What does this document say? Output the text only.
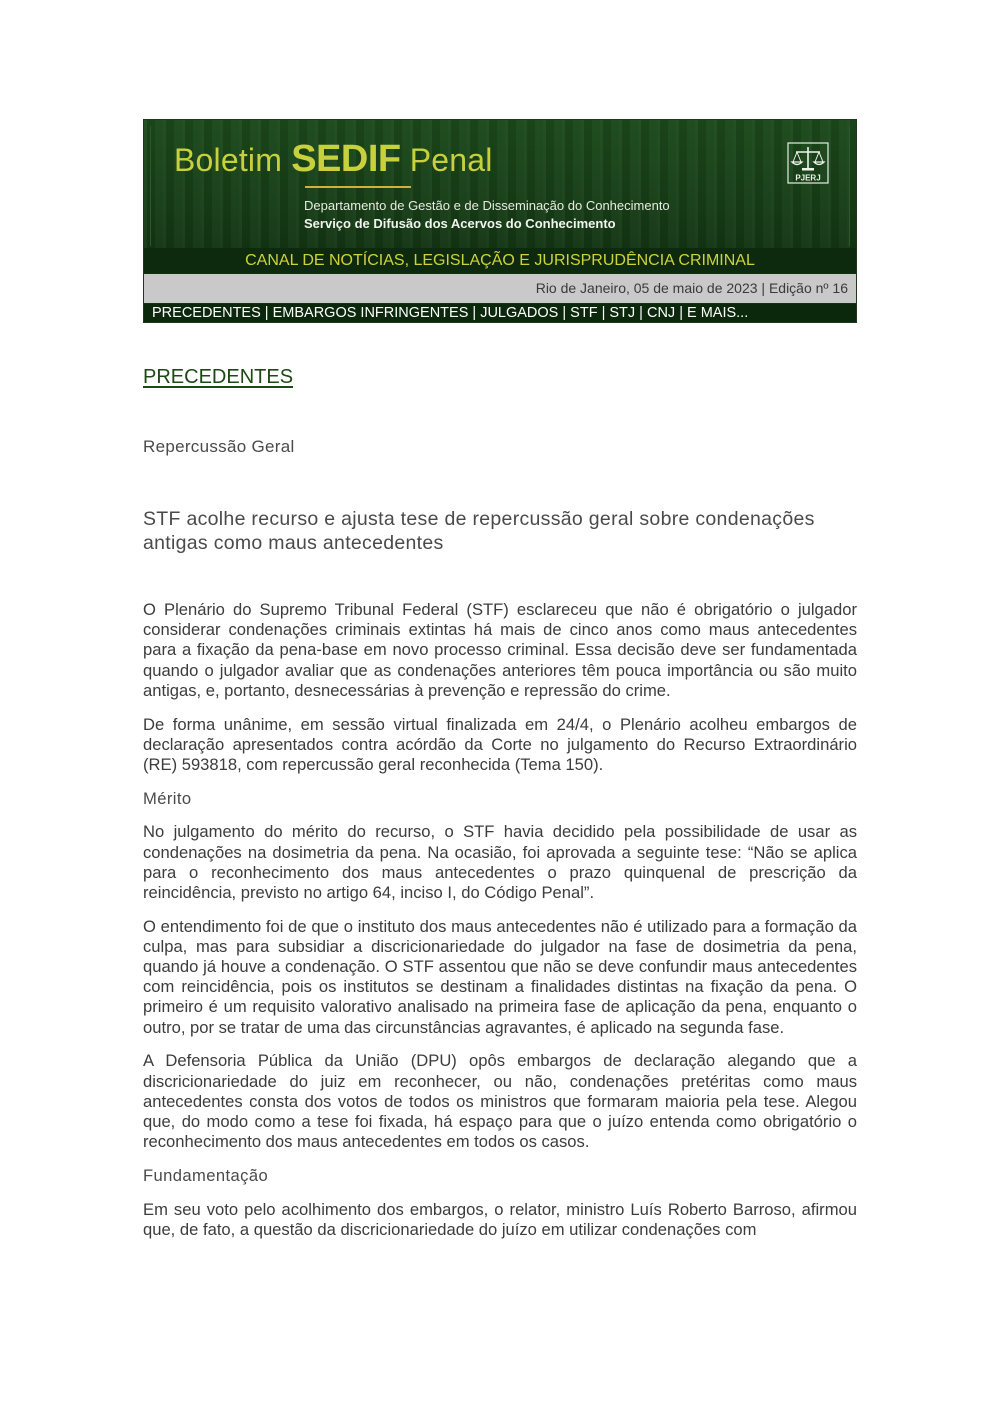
Boletim SEDIF Penal
Departamento de Gestão e de Disseminação do Conhecimento
Serviço de Difusão dos Acervos do Conhecimento
PJERJ
CANAL DE NOTÍCIAS, LEGISLAÇÃO E JURISPRUDÊNCIA CRIMINAL
Rio de Janeiro, 05 de maio de 2023 | Edição nº 16
PRECEDENTES | EMBARGOS INFRINGENTES | JULGADOS | STF | STJ | CNJ | E MAIS...
PRECEDENTES
Repercussão Geral
STF acolhe recurso e ajusta tese de repercussão geral sobre condenações antigas como maus antecedentes

O Plenário do Supremo Tribunal Federal (STF) esclareceu que não é obrigatório o julgador considerar condenações criminais extintas há mais de cinco anos como maus antecedentes para a fixação da pena-base em novo processo criminal. Essa decisão deve ser fundamentada quando o julgador avaliar que as condenações anteriores têm pouca importância ou são muito antigas, e, portanto, desnecessárias à prevenção e repressão do crime.

De forma unânime, em sessão virtual finalizada em 24/4, o Plenário acolheu embargos de declaração apresentados contra acórdão da Corte no julgamento do Recurso Extraordinário (RE) 593818, com repercussão geral reconhecida (Tema 150).

Mérito

No julgamento do mérito do recurso, o STF havia decidido pela possibilidade de usar as condenações na dosimetria da pena. Na ocasião, foi aprovada a seguinte tese: “Não se aplica para o reconhecimento dos maus antecedentes o prazo quinquenal de prescrição da reincidência, previsto no artigo 64, inciso I, do Código Penal”.

O entendimento foi de que o instituto dos maus antecedentes não é utilizado para a formação da culpa, mas para subsidiar a discricionariedade do julgador na fase de dosimetria da pena, quando já houve a condenação. O STF assentou que não se deve confundir maus antecedentes com reincidência, pois os institutos se destinam a finalidades distintas na fixação da pena. O primeiro é um requisito valorativo analisado na primeira fase de aplicação da pena, enquanto o outro, por se tratar de uma das circunstâncias agravantes, é aplicado na segunda fase.

A Defensoria Pública da União (DPU) opôs embargos de declaração alegando que a discricionariedade do juiz em reconhecer, ou não, condenações pretéritas como maus antecedentes consta dos votos de todos os ministros que formaram maioria pela tese. Alegou que, do modo como a tese foi fixada, há espaço para que o juízo entenda como obrigatório o reconhecimento dos maus antecedentes em todos os casos.

Fundamentação

Em seu voto pelo acolhimento dos embargos, o relator, ministro Luís Roberto Barroso, afirmou que, de fato, a questão da discricionariedade do juízo em utilizar condenações com
